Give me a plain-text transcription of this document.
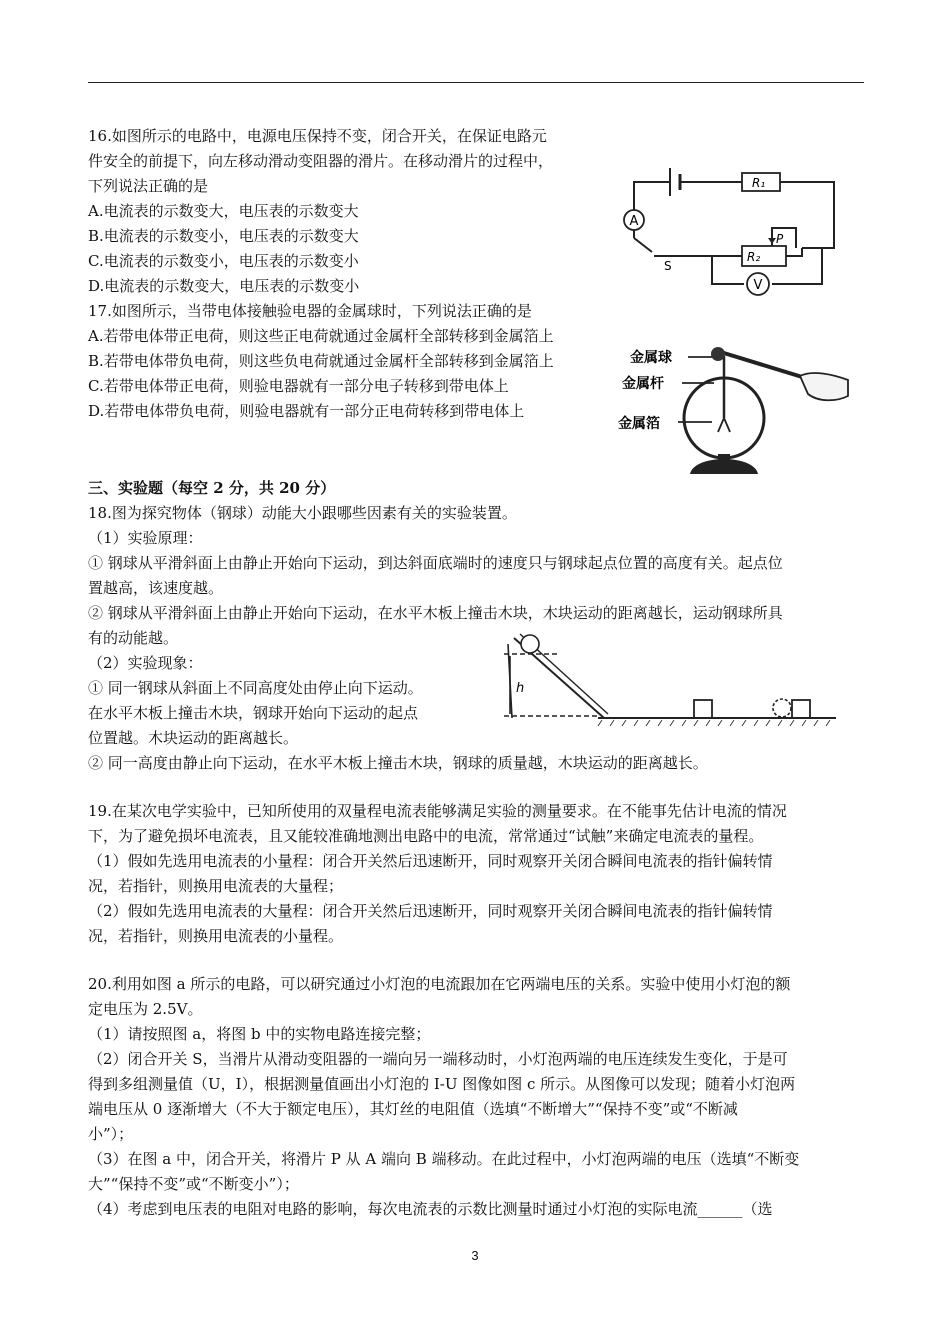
16.如图所示的电路中，电源电压保持不变，闭合开关，在保证电路元
件安全的前提下，向左移动滑动变阻器的滑片。在移动滑片的过程中，
下列说法正确的是
A.电流表的示数变大，电压表的示数变大
B.电流表的示数变小，电压表的示数变大
C.电流表的示数变小，电压表的示数变小
D.电流表的示数变大，电压表的示数变小
A
V
S
R₁
R₂
P
17.如图所示，当带电体接触验电器的金属球时，下列说法正确的是
A.若带电体带正电荷，则这些正电荷就通过金属杆全部转移到金属箔上
B.若带电体带负电荷，则这些负电荷就通过金属杆全部转移到金属箔上
C.若带电体带正电荷，则验电器就有一部分电子转移到带电体上
D.若带电体带负电荷，则验电器就有一部分正电荷转移到带电体上
金属球
金属杆
金属箔
三、实验题（每空 2 分，共 20 分）
18.图为探究物体（钢球）动能大小跟哪些因素有关的实验装置。
（1）实验原理：
① 钢球从平滑斜面上由静止开始向下运动，到达斜面底端时的速度只与钢球起点位置的高度有关。起点位
置越高，该速度越。
② 钢球从平滑斜面上由静止开始向下运动，在水平木板上撞击木块，木块运动的距离越长，运动钢球所具
有的动能越。
（2）实验现象：
① 同一钢球从斜面上不同高度处由停止向下运动。
在水平木板上撞击木块，钢球开始向下运动的起点
位置越。木块运动的距离越长。
② 同一高度由静止向下运动，在水平木板上撞击木块，钢球的质量越，木块运动的距离越长。
h
19.在某次电学实验中，已知所使用的双量程电流表能够满足实验的测量要求。在不能事先估计电流的情况
下，为了避免损坏电流表，且又能较准确地测出电路中的电流，常常通过“试触”来确定电流表的量程。
（1）假如先选用电流表的小量程：闭合开关然后迅速断开，同时观察开关闭合瞬间电流表的指针偏转情
况，若指针，则换用电流表的大量程；
（2）假如先选用电流表的大量程：闭合开关然后迅速断开，同时观察开关闭合瞬间电流表的指针偏转情
况，若指针，则换用电流表的小量程。
20.利用如图 a 所示的电路，可以研究通过小灯泡的电流跟加在它两端电压的关系。实验中使用小灯泡的额
定电压为 2.5V。
（1）请按照图 a，将图 b 中的实物电路连接完整；
（2）闭合开关 S，当滑片从滑动变阻器的一端向另一端移动时，小灯泡两端的电压连续发生变化，于是可
得到多组测量值（U，I），根据测量值画出小灯泡的 I-U 图像如图 c 所示。从图像可以发现；随着小灯泡两
端电压从 0 逐渐增大（不大于额定电压），其灯丝的电阻值（选填“不断增大”“保持不变”或“不断减
小”）；
（3）在图 a 中，闭合开关，将滑片 P 从 A 端向 B 端移动。在此过程中，小灯泡两端的电压（选填“不断变
大”“保持不变”或“不断变小”）；
（4）考虑到电压表的电阻对电路的影响，每次电流表的示数比测量时通过小灯泡的实际电流______（选
3
